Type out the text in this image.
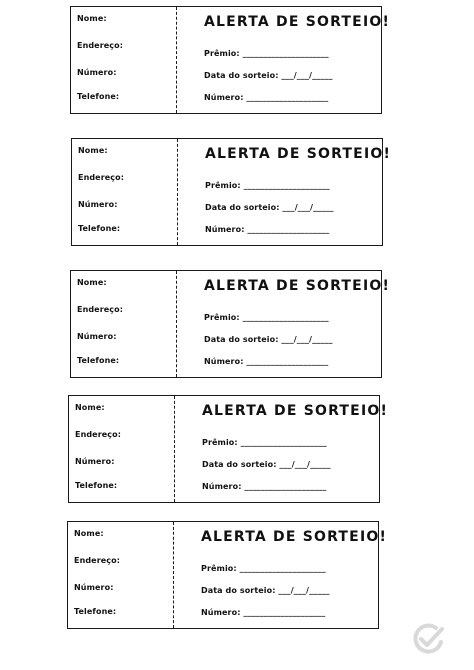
Nome:
Endereço:
Número:
Telefone:
ALERTA DE SORTEIO!
Prêmio: _____________________
Data do sorteio: ___/___/_____
Número: ____________________
Nome:
Endereço:
Número:
Telefone:
ALERTA DE SORTEIO!
Prêmio: _____________________
Data do sorteio: ___/___/_____
Número: ____________________
Nome:
Endereço:
Número:
Telefone:
ALERTA DE SORTEIO!
Prêmio: _____________________
Data do sorteio: ___/___/_____
Número: ____________________
Nome:
Endereço:
Número:
Telefone:
ALERTA DE SORTEIO!
Prêmio: _____________________
Data do sorteio: ___/___/_____
Número: ____________________
Nome:
Endereço:
Número:
Telefone:
ALERTA DE SORTEIO!
Prêmio: _____________________
Data do sorteio: ___/___/_____
Número: ____________________
